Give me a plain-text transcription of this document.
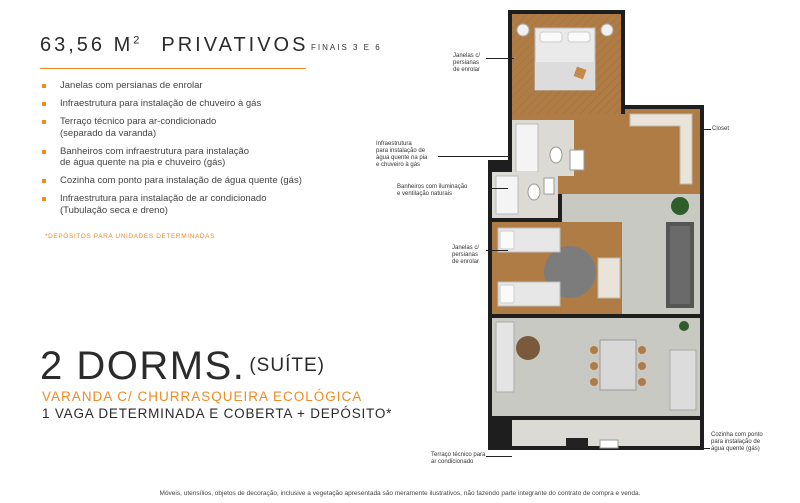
63,56 $M^2$ PRIVATIVOS FINAIS 3 E 6
Janelas com persianas de enrolar
Infraestrutura para instalação de chuveiro à gás
Terraço técnico para ar-condicionado
(separado da varanda)
Banheiros com infraestrutura para instalação
de água quente na pia e chuveiro (gás)
Cozinha com ponto para instalação de água quente (gás)
Infraestrutura para instalação de ar condicionado
(Tubulação seca e dreno)
*DEPÓSITOS PARA UNIDADES DETERMINADAS
2 DORMS. $^{(SUÍTE)}$
VARANDA C/ CHURRASQUEIRA ECOLÓGICA
1 VAGA DETERMINADA E COBERTA + DEPÓSITO*
Janelas c/
persianas
de enrolar
Infraestrutura
para instalação de
água quente na pia
e chuveiro à gás
Banheiros com iluminação
e ventilação naturais
Janelas c/
persianas
de enrolar
Terraço técnico para
ar condicionado
Closet
Cozinha com ponto
para instalação de
água quente (gás)
Móveis, utensílios, objetos de decoração, inclusive a vegetação apresentada são meramente ilustrativos, não fazendo parte integrante do contrato de compra e venda.
